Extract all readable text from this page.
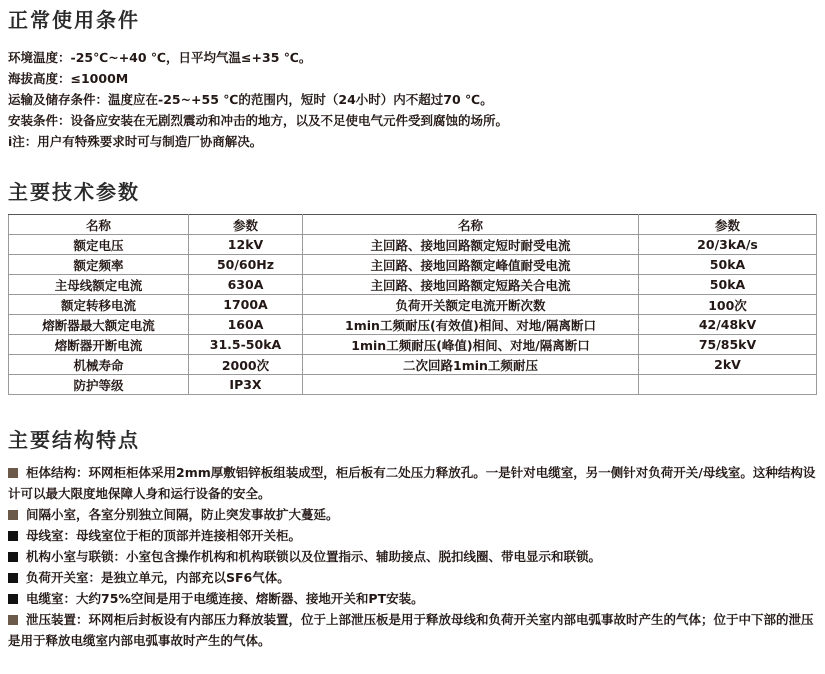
正常使用条件
环境温度：-25℃~+40 ℃，日平均气温≤+35 ℃。
海拔高度：≤1000M
运输及储存条件：温度应在-25~+55 ℃的范围内，短时（24小时）内不超过70 ℃。
安装条件：设备应安装在无剧烈震动和冲击的地方，以及不足使电气元件受到腐蚀的场所。
i注：用户有特殊要求时可与制造厂协商解决。
主要技术参数
名称	参数	名称	参数
额定电压	12kV	主回路、接地回路额定短时耐受电流	20/3kA/s
额定频率	50/60Hz	主回路、接地回路额定峰值耐受电流	50kA
主母线额定电流	630A	主回路、接地回路额定短路关合电流	50kA
额定转移电流	1700A	负荷开关额定电流开断次数	100次
熔断器最大额定电流	160A	1min工频耐压(有效值)相间、对地/隔离断口	42/48kV
熔断器开断电流	31.5-50kA	1min工频耐压(峰值)相间、对地/隔离断口	75/85kV
机械寿命	2000次	二次回路1min工频耐压	2kV
防护等级	IP3X		
主要结构特点
柜体结构：环网柜柜体采用2mm厚敷铝锌板组装成型，柜后板有二处压力释放孔。一是针对电缆室，另一侧针对负荷开关/母线室。这种结构设计可以最大限度地保障人身和运行设备的安全。
间隔小室，各室分别独立间隔，防止突发事故扩大蔓延。
母线室：母线室位于柜的顶部并连接相邻开关柜。
机构小室与联锁：小室包含操作机构和机构联锁以及位置指示、辅助接点、脱扣线圈、带电显示和联锁。
负荷开关室：是独立单元，内部充以SF6气体。
电缆室：大约75%空间是用于电缆连接、熔断器、接地开关和PT安装。
泄压装置：环网柜后封板设有内部压力释放装置，位于上部泄压板是用于释放母线和负荷开关室内部电弧事故时产生的气体；位于中下部的泄压是用于释放电缆室内部电弧事故时产生的气体。
